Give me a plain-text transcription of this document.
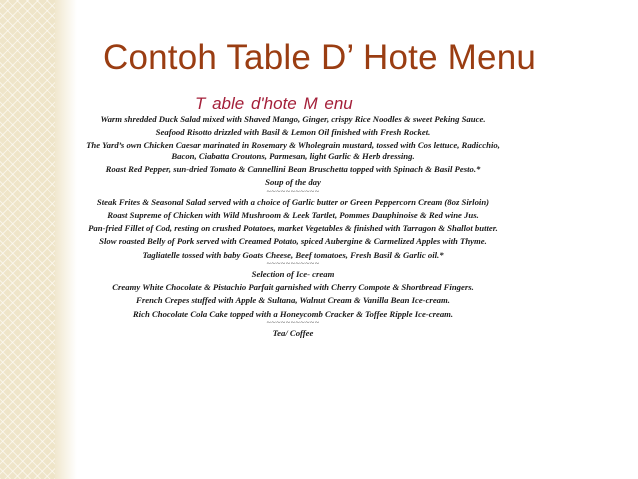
Contoh Table D’ Hote Menu
T able d'hote M enu

Warm shredded Duck Salad mixed with Shaved Mango, Ginger, crispy Rice Noodles & sweet Peking Sauce.

Seafood Risotto drizzled with Basil & Lemon Oil finished with Fresh Rocket.

The Yard’s own Chicken Caesar marinated in Rosemary & Wholegrain mustard, tossed with Cos lettuce, Radicchio, Bacon, Ciabatta Croutons, Parmesan, light Garlic & Herb dressing.

Roast Red Pepper, sun-dried Tomato & Cannellini Bean Bruschetta topped with Spinach & Basil Pesto.*

Soup of the day

~~~~~~~~~~~

Steak Frites & Seasonal Salad served with a choice of Garlic butter or Green Peppercorn Cream (8oz Sirloin)

Roast Supreme of Chicken with Wild Mushroom & Leek Tartlet, Pommes Dauphinoise & Red wine Jus.

Pan-fried Fillet of Cod, resting on crushed Potatoes, market Vegetables & finished with Tarragon & Shallot butter.

Slow roasted Belly of Pork served with Creamed Potato, spiced Aubergine & Carmelized Apples with Thyme.

Tagliatelle tossed with baby Goats Cheese, Beef tomatoes, Fresh Basil & Garlic oil.*

~~~~~~~~~~~

Selection of Ice- cream

Creamy White Chocolate & Pistachio Parfait garnished with Cherry Compote & Shortbread Fingers.

French Crepes stuffed with Apple & Sultana, Walnut Cream & Vanilla Bean Ice-cream.

Rich Chocolate Cola Cake topped with a Honeycomb Cracker & Toffee Ripple Ice-cream.

~~~~~~~~~~~

Tea/ Coffee
